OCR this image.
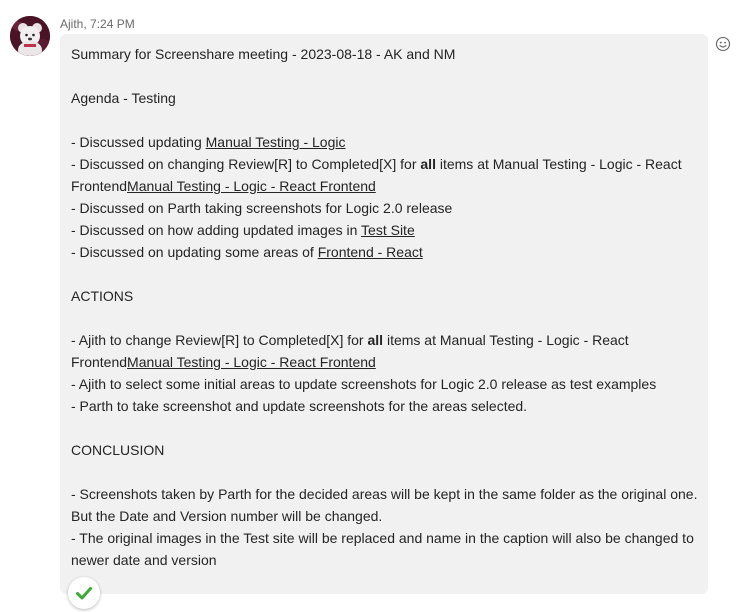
Ajith, 7:24 PM
Summary for Screenshare meeting - 2023-08-18 - AK and NM
Agenda - Testing
- Discussed updating Manual Testing - Logic
- Discussed on changing Review[R] to Completed[X] for all items at Manual Testing - Logic - React
FrontendManual Testing - Logic - React Frontend
- Discussed on Parth taking screenshots for Logic 2.0 release
- Discussed on how adding updated images in Test Site
- Discussed on updating some areas of Frontend - React
ACTIONS
- Ajith to change Review[R] to Completed[X] for all items at Manual Testing - Logic - React
FrontendManual Testing - Logic - React Frontend
- Ajith to select some initial areas to update screenshots for Logic 2.0 release as test examples
- Parth to take screenshot and update screenshots for the areas selected.
CONCLUSION
- Screenshots taken by Parth for the decided areas will be kept in the same folder as the original one.
But the Date and Version number will be changed.
- The original images in the Test site will be replaced and name in the caption will also be changed to
newer date and version
